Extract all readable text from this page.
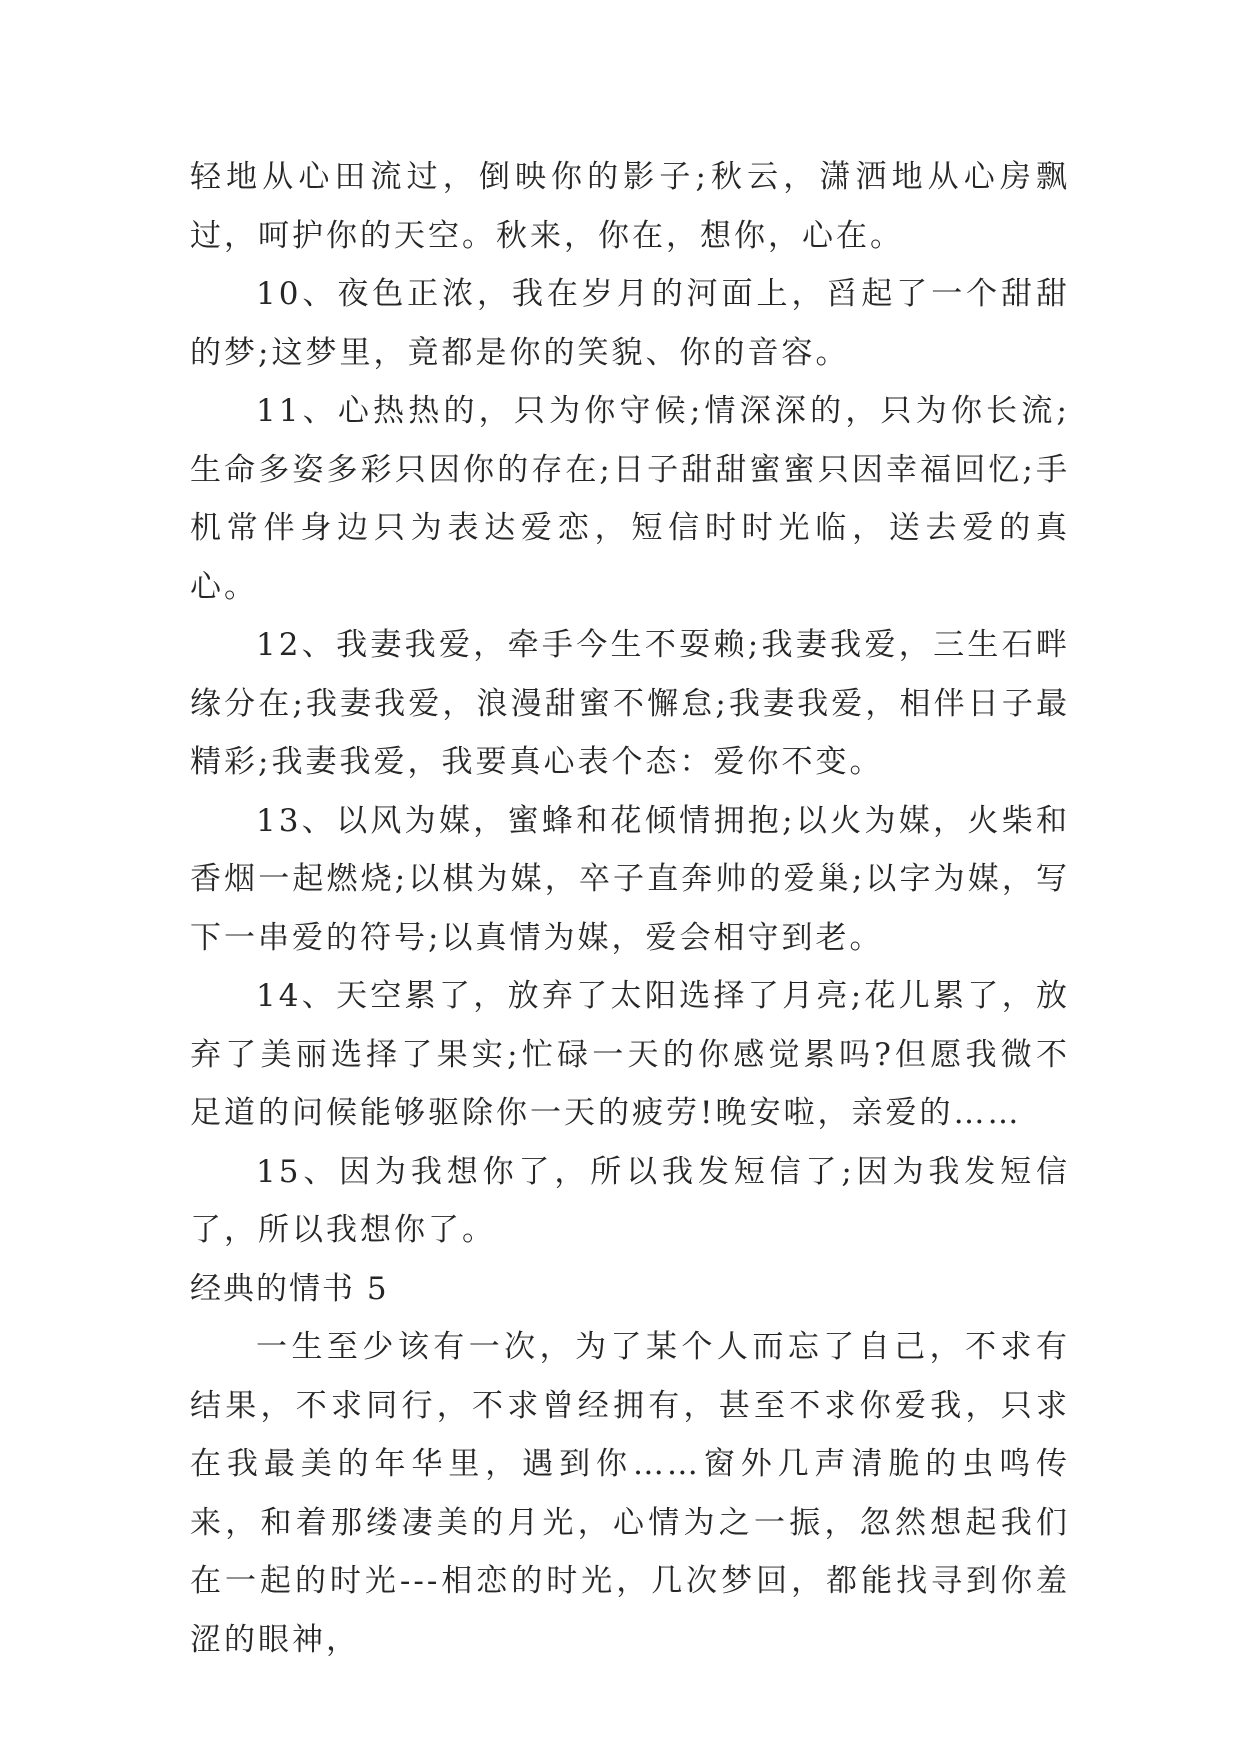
轻地从心田流过，倒映你的影子;秋云，潇洒地从心房飘过，呵护你的天空。秋来，你在，想你，心在。

10、夜色正浓，我在岁月的河面上，舀起了一个甜甜的梦;这梦里，竟都是你的笑貌、你的音容。

11、心热热的，只为你守候;情深深的，只为你长流;生命多姿多彩只因你的存在;日子甜甜蜜蜜只因幸福回忆;手机常伴身边只为表达爱恋，短信时时光临，送去爱的真心。

12、我妻我爱，牵手今生不耍赖;我妻我爱，三生石畔缘分在;我妻我爱，浪漫甜蜜不懈怠;我妻我爱，相伴日子最精彩;我妻我爱，我要真心表个态：爱你不变。

13、以风为媒，蜜蜂和花倾情拥抱;以火为媒，火柴和香烟一起燃烧;以棋为媒，卒子直奔帅的爱巢;以字为媒，写下一串爱的符号;以真情为媒，爱会相守到老。

14、天空累了，放弃了太阳选择了月亮;花儿累了，放弃了美丽选择了果实;忙碌一天的你感觉累吗?但愿我微不足道的问候能够驱除你一天的疲劳!晚安啦，亲爱的……

15、因为我想你了，所以我发短信了;因为我发短信了，所以我想你了。

经典的情书 5

一生至少该有一次，为了某个人而忘了自己，不求有结果，不求同行，不求曾经拥有，甚至不求你爱我，只求在我最美的年华里，遇到你……窗外几声清脆的虫鸣传来，和着那缕凄美的月光，心情为之一振，忽然想起我们在一起的时光---相恋的时光，几次梦回，都能找寻到你羞涩的眼神，
